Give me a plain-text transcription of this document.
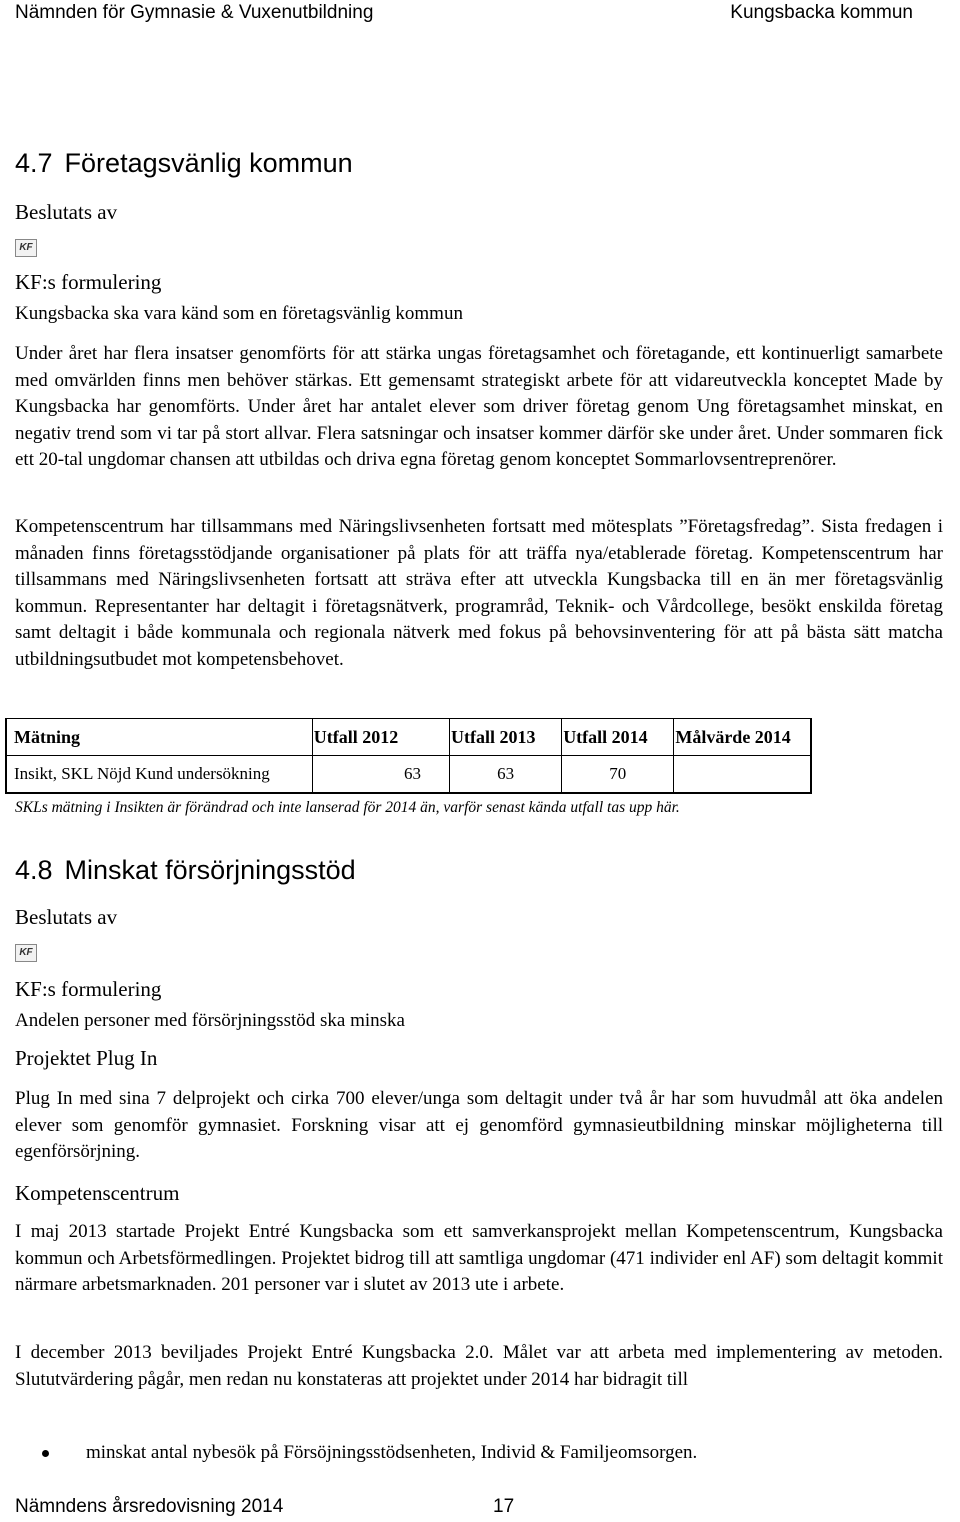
Nämnden för Gymnasie & Vuxenutbildning	Kungsbacka kommun
4.7 Företagsvänlig kommun
Beslutats av
KF
KF:s formulering
Kungsbacka ska vara känd som en företagsvänlig kommun
Under året har flera insatser genomförts för att stärka ungas företagsamhet och företagande, ett kontinuerligt samarbete med omvärlden finns men behöver stärkas. Ett gemensamt strategiskt arbete för att vidareutveckla konceptet Made by Kungsbacka har genomförts. Under året har antalet elever som driver företag genom Ung företagsamhet minskat, en negativ trend som vi tar på stort allvar. Flera satsningar och insatser kommer därför ske under året. Under sommaren fick ett 20-tal ungdomar chansen att utbildas och driva egna företag genom konceptet Sommarlovsentreprenörer.
Kompetenscentrum har tillsammans med Näringslivsenheten fortsatt med mötesplats ”Företagsfredag”. Sista fredagen i månaden finns företagsstödjande organisationer på plats för att träffa nya/etablerade företag. Kompetenscentrum har tillsammans med Näringslivsenheten fortsatt att sträva efter att utveckla Kungsbacka till en än mer företagsvänlig kommun. Representanter har deltagit i företagsnätverk, programråd, Teknik- och Vårdcollege, besökt enskilda företag samt deltagit i både kommunala och regionala nätverk med fokus på behovsinventering för att på bästa sätt matcha utbildningsutbudet mot kompetensbehovet.
Mätning	Utfall 2012	Utfall 2013	Utfall 2014	Målvärde 2014
Insikt, SKL Nöjd Kund undersökning	63	63	70	
SKLs mätning i Insikten är förändrad och inte lanserad för 2014 än, varför senast kända utfall tas upp här.
4.8 Minskat försörjningsstöd
Beslutats av
KF
KF:s formulering
Andelen personer med försörjningsstöd ska minska
Projektet Plug In
Plug In med sina 7 delprojekt och cirka 700 elever/unga som deltagit under två år har som huvudmål att öka andelen elever som genomför gymnasiet. Forskning visar att ej genomförd gymnasieutbildning minskar möjligheterna till egenförsörjning.
Kompetenscentrum
I maj 2013 startade Projekt Entré Kungsbacka som ett samverkansprojekt mellan Kompetenscentrum, Kungsbacka kommun och Arbetsförmedlingen. Projektet bidrog till att samtliga ungdomar (471 individer enl AF) som deltagit kommit närmare arbetsmarknaden. 201 personer var i slutet av 2013 ute i arbete.
I december 2013 beviljades Projekt Entré Kungsbacka 2.0. Målet var att arbeta med implementering av metoden. Slututvärdering pågår, men redan nu konstateras att projektet under 2014 har bidragit till
minskat antal nybesök på Försöjningsstödsenheten, Individ & Familjeomsorgen.
Nämndens årsredovisning 2014	17
